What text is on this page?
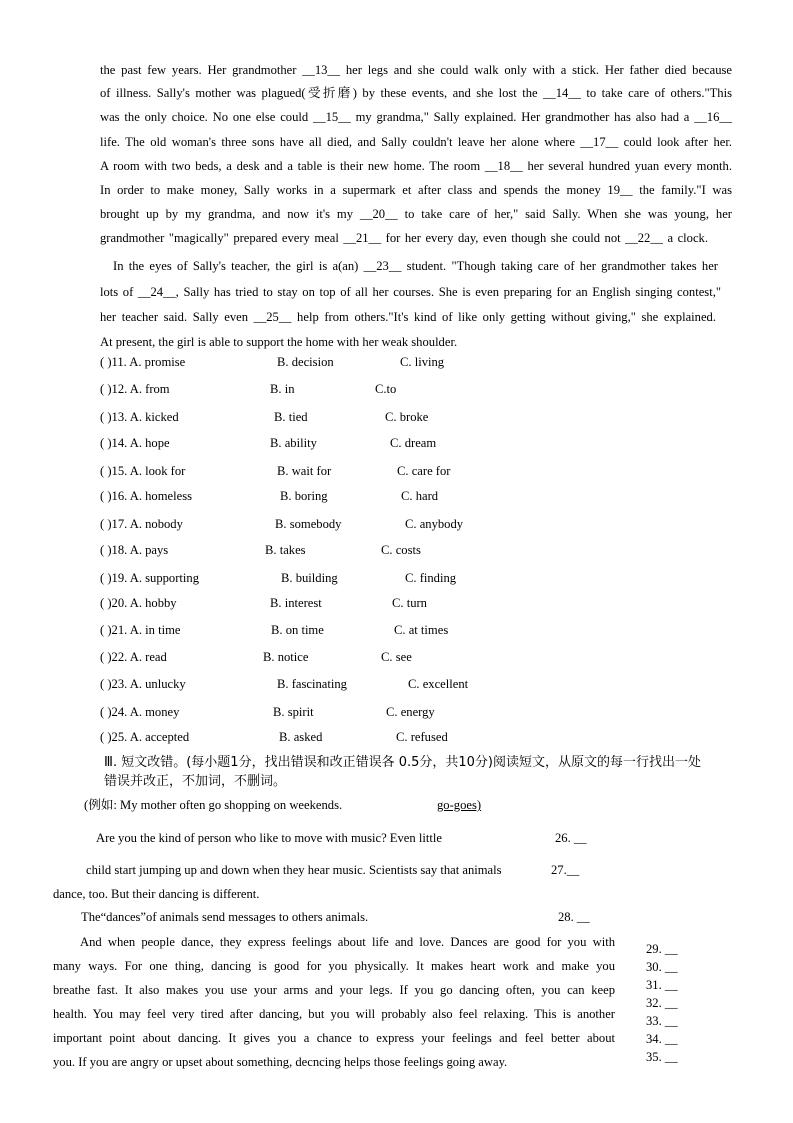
the past few years. Her grandmother __13__ her legs and she could walk only with a stick. Her father died because
of illness. Sally's mother was plagued(受折磨) by these events, and she lost the __14__ to take care of others."This
was the only choice. No one else could __15__ my grandma," Sally explained. Her grandmother has also had a __16__
life. The old woman's three sons have all died, and Sally couldn't leave her alone where __17__ could look after her.
A room with two beds, a desk and a table is their new home. The room __18__ her several hundred yuan every month.
In order to make money, Sally works in a supermark et after class and spends the money 19__ the family."I was
brought up by my grandma, and now it's my __20__ to take care of her," said Sally. When she was young, her
grandmother "magically" prepared every meal __21__ for her every day, even though she could not __22__ a clock.
In the eyes of Sally's teacher, the girl is a(an) __23__ student. "Though taking care of her grandmother takes her
lots of __24__, Sally has tried to stay on top of all her courses. She is even preparing for an English singing contest,"
her teacher said. Sally even __25__ help from others."It's kind of like only getting without giving," she explained.
At present, the girl is able to support the home with her weak shoulder.
( )11. A. promise	B. decision	C. living
( )12. A. from	B. in	C.to
( )13. A. kicked	B. tied	C. broke
( )14. A. hope	B. ability	C. dream
( )15. A. look for	B. wait for	C. care for
( )16. A. homeless	B. boring	C. hard
( )17. A. nobody	B. somebody	C. anybody
( )18. A. pays	B. takes	C. costs
( )19. A. supporting	B. building	C. finding
( )20. A. hobby	B. interest	C. turn
( )21. A. in time	B. on time	C. at times
( )22. A. read	B. notice	C. see
( )23. A. unlucky	B. fascinating	C. excellent
( )24. A. money	B. spirit	C. energy
( )25. A. accepted	B. asked	C. refused
Ⅲ. 短文改错。(每小题1分，找出错误和改正错误各 0.5分，共10分)阅读短文，从原文的每一行找出一处
错误并改正，不加词，不删词。
(例如: My mother often go shopping on weekends.	go-goes)
Are you the kind of person who like to move with music? Even little	26. __
child start jumping up and down when they hear music. Scientists say that animals	27.__
dance, too. But their dancing is different.
The“dances”of animals send messages to others animals.	28. __
And when people dance, they express feelings about life and love. Dances are good for you with
many ways. For one thing, dancing is good for you physically. It makes heart work and make you
breathe fast. It also makes you use your arms and your legs. If you go dancing often, you can keep
health. You may feel very tired after dancing, but you will probably also feel relaxing. This is another
important point about dancing. It gives you a chance to express your feelings and feel better about
you. If you are angry or upset about something, decncing helps those feelings going away.
29. __
30. __
31. __
32. __
33. __
34. __
35. __
